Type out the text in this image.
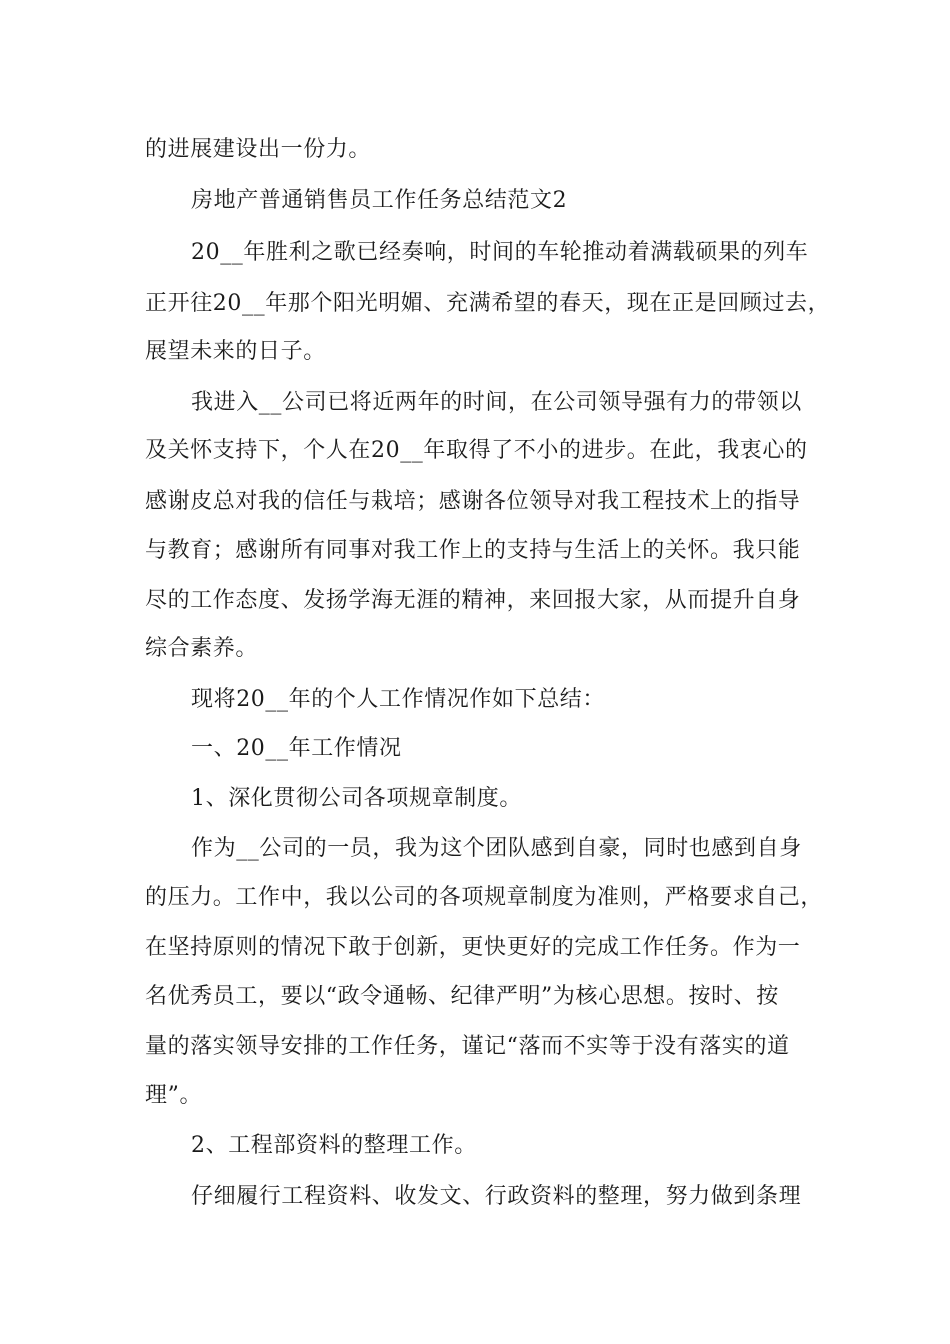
的进展建设出一份力。

房地产普通销售员工作任务总结范文2

20__年胜利之歌已经奏响，时间的车轮推动着满载硕果的列车

正开往20__年那个阳光明媚、充满希望的春天，现在正是回顾过去，

展望未来的日子。

我进入__公司已将近两年的时间，在公司领导强有力的带领以

及关怀支持下，个人在20__年取得了不小的进步。在此，我衷心的

感谢皮总对我的信任与栽培；感谢各位领导对我工程技术上的指导

与教育；感谢所有同事对我工作上的支持与生活上的关怀。我只能

尽的工作态度、发扬学海无涯的精神，来回报大家，从而提升自身

综合素养。

现将20__年的个人工作情况作如下总结：

一、20__年工作情况

1、深化贯彻公司各项规章制度。

作为__公司的一员，我为这个团队感到自豪，同时也感到自身

的压力。工作中，我以公司的各项规章制度为准则，严格要求自己，

在坚持原则的情况下敢于创新，更快更好的完成工作任务。作为一

名优秀员工，要以“政令通畅、纪律严明”为核心思想。按时、按

量的落实领导安排的工作任务，谨记“落而不实等于没有落实的道

理”。

2、工程部资料的整理工作。

仔细履行工程资料、收发文、行政资料的整理，努力做到条理
